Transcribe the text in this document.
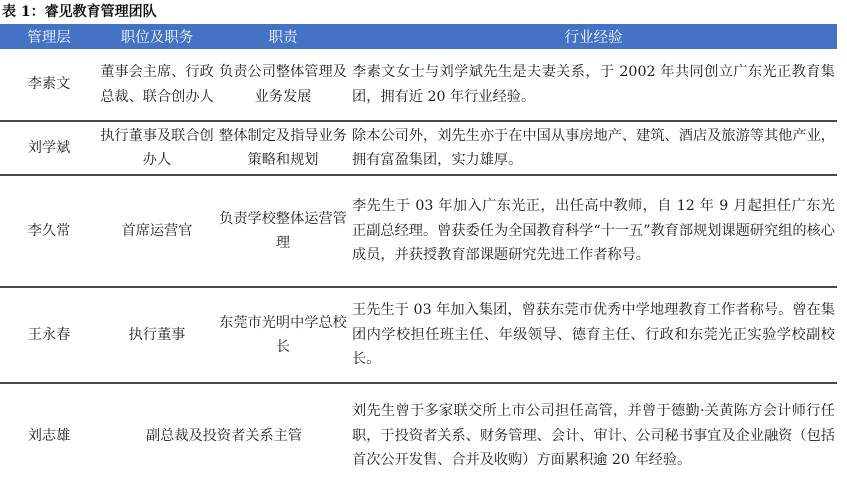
表 1：睿见教育管理团队
管理层	职位及职务	职责	行业经验
李素文	董事会主席、行政总裁、联合创办人	负责公司整体管理及业务发展	李素文女士与刘学斌先生是夫妻关系，于 2002 年共同创立广东光正教育集团，拥有近 20 年行业经验。
刘学斌	执行董事及联合创办人	整体制定及指导业务策略和规划	除本公司外，刘先生亦于在中国从事房地产、建筑、酒店及旅游等其他产业，拥有富盈集团，实力雄厚。
李久常	首席运营官	负责学校整体运营管理	李先生于 03 年加入广东光正，出任高中教师，自 12 年 9 月起担任广东光正副总经理。曾获委任为全国教育科学“十一五”教育部规划课题研究组的核心成员，并获授教育部课题研究先进工作者称号。
王永春	执行董事	东莞市光明中学总校长	王先生于 03 年加入集团，曾获东莞市优秀中学地理教育工作者称号。曾在集团内学校担任班主任、年级领导、德育主任、行政和东莞光正实验学校副校长。
刘志雄	副总裁及投资者关系主管		刘先生曾于多家联交所上市公司担任高管，并曾于德勤·关黄陈方会计师行任职，于投资者关系、财务管理、会计、审计、公司秘书事宜及企业融资（包括首次公开发售、合并及收购）方面累积逾 20 年经验。
